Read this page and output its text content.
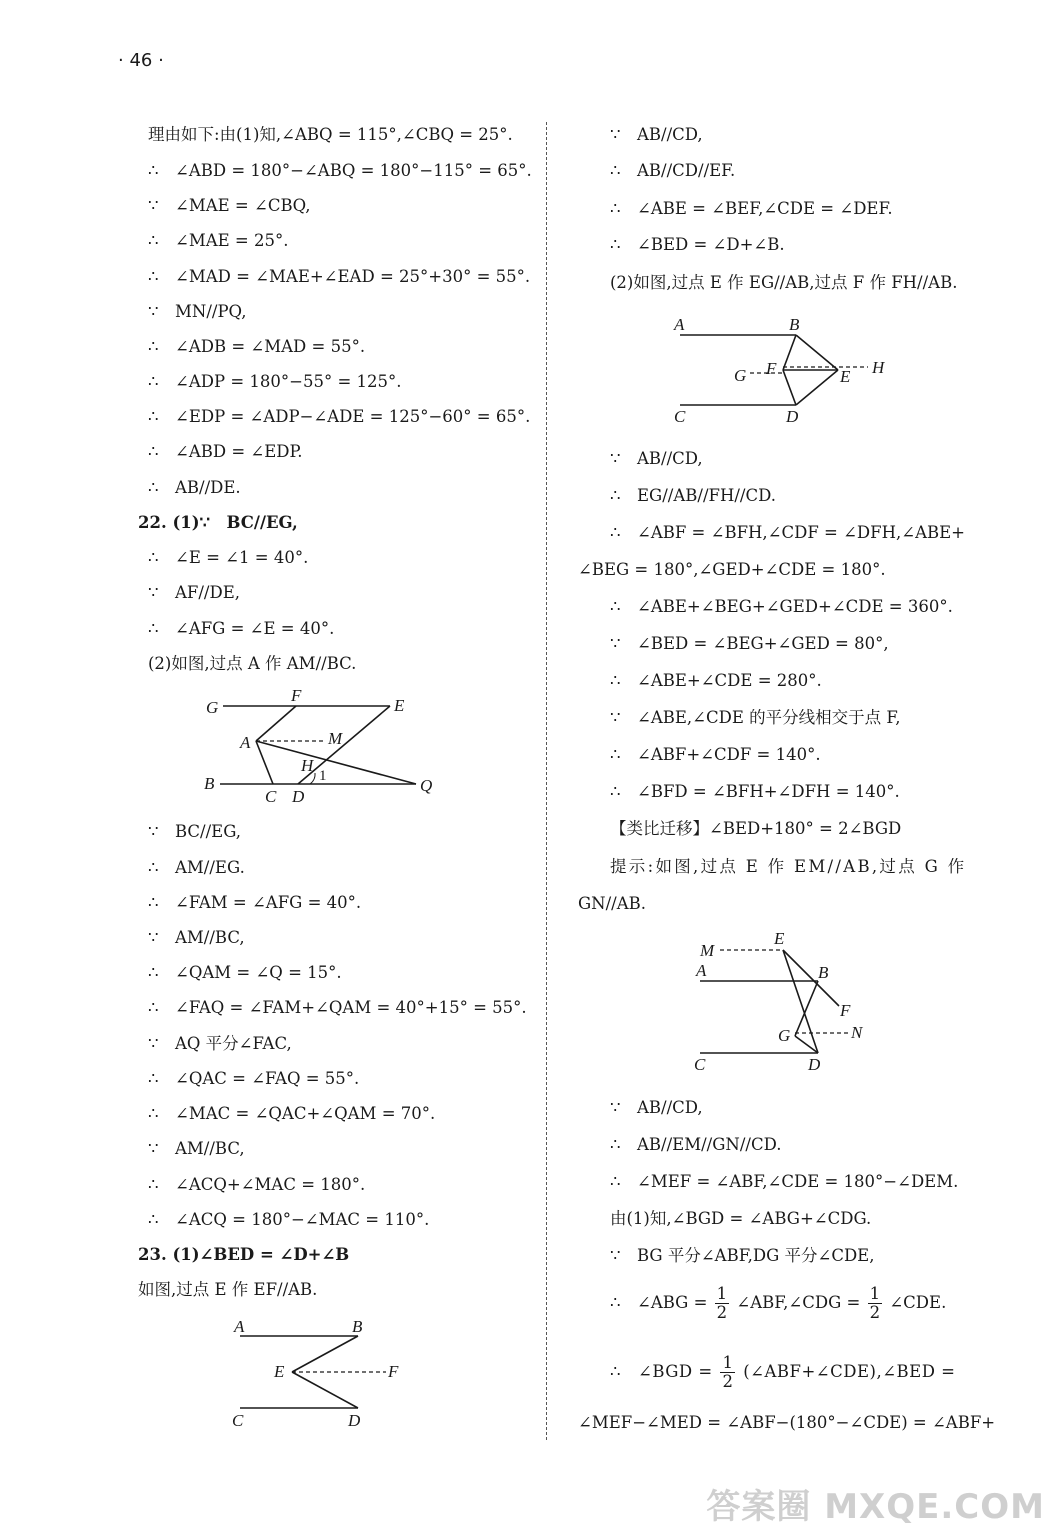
· 46 ·
理由如下:由(1)知,∠ABQ = 115°,∠CBQ = 25°.
∴　∠ABD = 180°−∠ABQ = 180°−115° = 65°.
∵　∠MAE = ∠CBQ,
∴　∠MAE = 25°.
∴　∠MAD = ∠MAE+∠EAD = 25°+30° = 55°.
∵　MN//PQ,
∴　∠ADB = ∠MAD = 55°.
∴　∠ADP = 180°−55° = 125°.
∴　∠EDP = ∠ADP−∠ADE = 125°−60° = 65°.
∴　∠ABD = ∠EDP.
∴　AB//DE.
22. (1)∵　BC//EG,
∴　∠E = ∠1 = 40°.
∵　AF//DE,
∴　∠AFG = ∠E = 40°.
(2)如图,过点 A 作 AM//BC.
G
F
E
A	M
H
1
B
C D
Q
∵　BC//EG,
∴　AM//EG.
∴　∠FAM = ∠AFG = 40°.
∵　AM//BC,
∴　∠QAM = ∠Q = 15°.
∴　∠FAQ = ∠FAM+∠QAM = 40°+15° = 55°.
∵　AQ 平分∠FAC,
∴　∠QAC = ∠FAQ = 55°.
∴　∠MAC = ∠QAC+∠QAM = 70°.
∵　AM//BC,
∴　∠ACQ+∠MAC = 180°.
∴　∠ACQ = 180°−∠MAC = 110°.
23. (1)∠BED = ∠D+∠B
如图,过点 E 作 EF//AB.
A	B
E	F
C	D
∵　AB//CD,
∴　AB//CD//EF.
∴　∠ABE = ∠BEF,∠CDE = ∠DEF.
∴　∠BED = ∠D+∠B.
(2)如图,过点 E 作 EG//AB,过点 F 作 FH//AB.
A	B
G F	E H
C	D
∵　AB//CD,
∴　EG//AB//FH//CD.
∴　∠ABF = ∠BFH,∠CDF = ∠DFH,∠ABE+
∠BEG = 180°,∠GED+∠CDE = 180°.
∴　∠ABE+∠BEG+∠GED+∠CDE = 360°.
∵　∠BED = ∠BEG+∠GED = 80°,
∴　∠ABE+∠CDE = 280°.
∵　∠ABE,∠CDE 的平分线相交于点 F,
∴　∠ABF+∠CDF = 140°.
∴　∠BFD = ∠BFH+∠DFH = 140°.
【类比迁移】∠BED+180° = 2∠BGD
提示:如图,过点 E 作 EM//AB,过点 G 作
GN//AB.
M
E
A	B
F
G	N
C	D
∵　AB//CD,
∴　AB//EM//GN//CD.
∴　∠MEF = ∠ABF,∠CDE = 180°−∠DEM.
由(1)知,∠BGD = ∠ABG+∠CDG.
∵　BG 平分∠ABF,DG 平分∠CDE,
∴　∠ABG = $\frac{1}{2}$ ∠ABF,∠CDG = $\frac{1}{2}$ ∠CDE.
∴　∠BGD = $\frac{1}{2}$ (∠ABF+∠CDE),∠BED =
∠MEF−∠MED = ∠ABF−(180°−∠CDE) = ∠ABF+
答案圈 MXQE.COM
